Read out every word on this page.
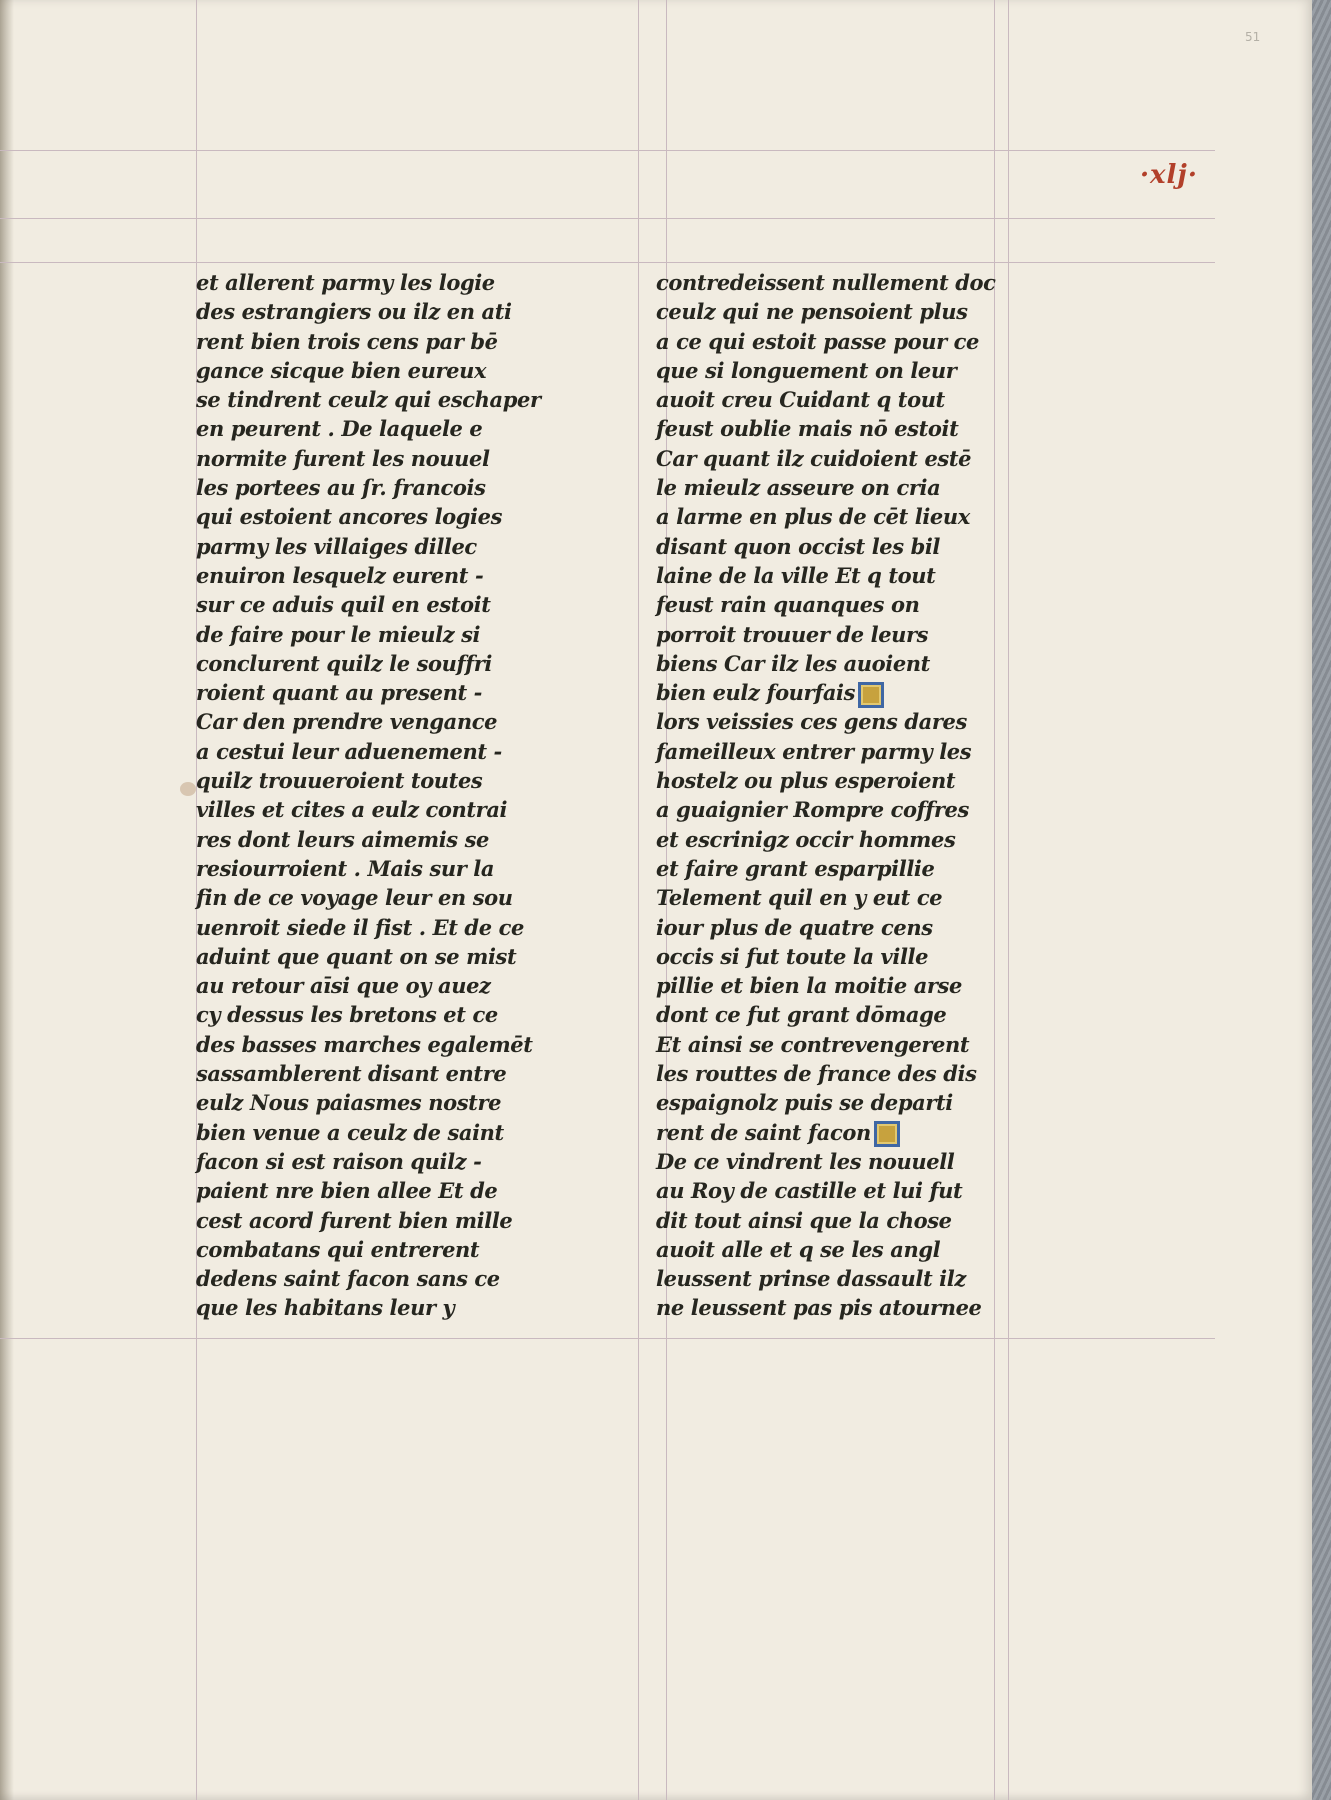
51
·xlj·
et allerent parmy les logie
des estrangiers ou ilz en ati
rent bien trois cens par bē
gance sicque bien eureux
se tindrent ceulz qui eschaper
en peurent . De laquele e
normite furent les nouuel
les portees au ſr. francois
qui estoient ancores logies
parmy les villaiges dillec
enuiron lesquelz eurent -
sur ce aduis quil en estoit
de faire pour le mieulz si
conclurent quilz le souffri
roient quant au present -
Car den prendre vengance
a cestui leur aduenement -
quilz trouueroient toutes
villes et cites a eulz contrai
res dont leurs aimemis se
resiourroient . Mais sur la
fin de ce voyage leur en sou
uenroit siede il fist . Et de ce
aduint que quant on se mist
au retour aīsi que oy auez
cy dessus les bretons et ce
des basses marches egalemēt
sassamblerent disant entre
eulz Nous paiasmes nostre
bien venue a ceulz de saint
facon si est raison quilz -
paient nre bien allee Et de
cest acord furent bien mille
combatans qui entrerent
dedens saint facon sans ce
que les habitans leur y
contredeissent nullement doc
ceulz qui ne pensoient plus
a ce qui estoit passe pour ce
que si longuement on leur
auoit creu Cuidant q tout
feust oublie mais nō estoit
Car quant ilz cuidoient estē
le mieulz asseure on cria
a larme en plus de cēt lieux
disant quon occist les bil
laine de la ville Et q tout
feust rain quanques on
porroit trouuer de leurs
biens Car ilz les auoient
bien eulz fourfais
lors veissies ces gens dares
fameilleux entrer parmy les
hostelz ou plus esperoient
a guaignier Rompre coffres
et escrinigz occir hommes
et faire grant esparpillie
Telement quil en y eut ce
iour plus de quatre cens
occis si fut toute la ville
pillie et bien la moitie arse
dont ce fut grant dōmage
Et ainsi se contrevengerent
les routtes de france des dis
espaignolz puis se departi
rent de saint facon
De ce vindrent les nouuell
au Roy de castille et lui fut
dit tout ainsi que la chose
auoit alle et q se les angl
leussent prinse dassault ilz
ne leussent pas pis atournee
